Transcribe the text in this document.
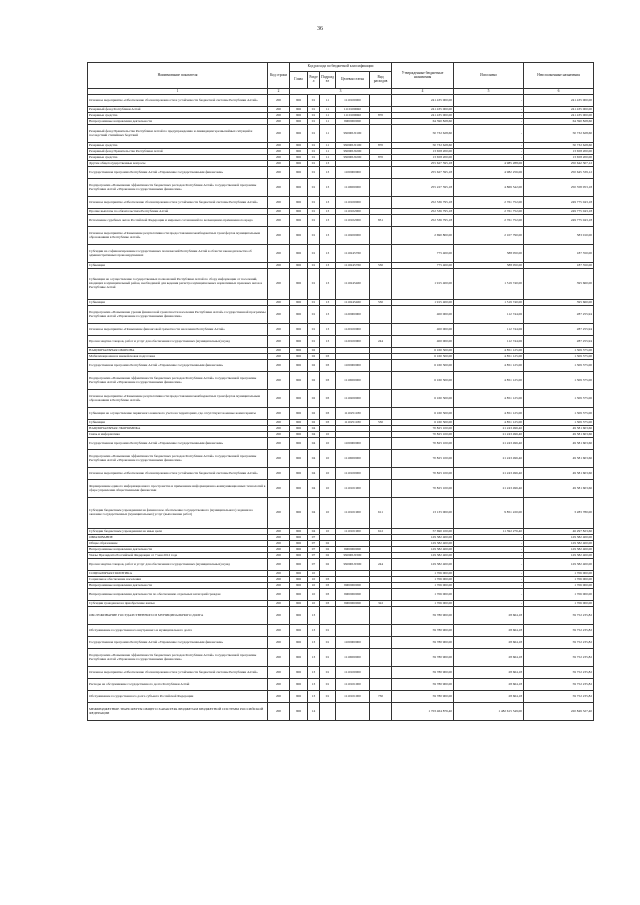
36
Наименование показателя	Код строки	Код расхода по бюджетной классификации					Утвержденные бюджетные назначения	Исполнено	Неисполненные назначения
		Глава	Раздел	Подраздел	Целевая статья	Вид расходов			
1	2	3					4	5	6
Основное мероприятие «Обеспечение сбалансированности и устойчивости бюджетной системы Республики Алтай»	200	906	01	11	1110100000		241 435 000,00	-	241 435 000,00
Резервный фонд Республики Алтай	200	906	01	11	11101000R0		241 435 000,00	-	241 435 000,00
Резервные средства	200	906	01	11	11101000R0	870	241 435 000,00	-	241 435 000,00
Непрограммные направления деятельности	200	906	01	11	9900000000		64 390 828,60	-	64 390 828,60
Резервный фонд Правительства Республики Алтай по предупреждению и ликвидации чрезвычайных ситуаций и последствий стихийных бедствий	200	906	01	11	99000U0100		50 732 628,60	-	50 732 628,60
Резервные средства	200	906	01	11	99000U0100	870	50 732 628,60	-	50 732 628,60
Резервный фонд Правительства Республики Алтай	200	906	01	11	99000U0200		13 658 200,00	-	13 658 200,00
Резервные средства	200	906	01	11	99000U0200	870	13 658 200,00	-	13 658 200,00
Другие общегосударственные вопросы	200	906	01	13			255 627 595,18	4 985 288,06	250 642 307,12
Государственная программа Республики Алтай «Управление государственными финансами»	200	906	01	13	1100000000		255 627 595,18	4 982 256,06	250 645 339,12
Подпрограмма «Повышение эффективности бюджетных расходов Республики Алтай» государственной программы Республики Алтай «Управление государственными финансами»	200	906	01	13	1110000000		255 227 595,18	4 869 542,00	250 358 053,18
Основное мероприятие «Обеспечение сбалансированности и устойчивости бюджетной системы Республики Алтай»	200	906	01	13	1110100000		252 536 795,18	2 761 752,00	249 775 043,18
Прочие выплаты по обязательствам Республики Алтай	200	906	01	13	1110102000		252 536 795,18	2 761 752,00	249 775 043,18
Исполнение судебных актов Российской Федерации и мировых соглашений по возмещению причиненного вреда	200	906	01	13	1110102000	831	252 536 795,18	2 761 752,00	249 775 043,18
Основное мероприятие «Повышение результативности предоставления межбюджетных трансфертов муниципальным образованиям в Республике Алтай»	200	906	01	13	1110200000		2 690 800,00	2 107 790,00	583 010,00
Субсидии на софинансирование государственных полномочий Республики Алтай в области законодательства об административных правонарушениях	200	906	01	13	1110245760		775 400,00	588 050,00	187 350,00
Субвенции	200	906	01	13	1110245760	530	775 400,00	588 050,00	187 350,00
Субвенции на осуществление государственных полномочий Республики Алтай по сбору информации от поселений, входящих в муниципальный район, необходимой для ведения регистра муниципальных нормативных правовых актов в Республике Алтай	200	906	01	13	1110245460		1 915 400,00	1 519 740,00	395 660,00
Субвенции	200	906	01	13	1110245460	530	1 915 400,00	1 519 740,00	395 660,00
Подпрограмма «Повышение уровня финансовой грамотности населения Республики Алтай» государственной программы Республики Алтай «Управление государственными финансами»	200	906	01	13	1120000000		400 000,00	112 744,06	287 255,94
Основное мероприятие «Повышение финансовой грамотности населения Республики Алтай»	200	906	01	13	1120100000		400 000,00	112 744,06	287 255,94
Прочая закупка товаров, работ и услуг для обеспечения государственных (муниципальных) нужд	200	906	01	13	1120100000	244	400 000,00	112 744,06	287 255,94
НАЦИОНАЛЬНАЯ ОБОРОНА	200	906	02				6 160 500,00	4 851 125,00	1 309 375,00
Мобилизационная и вневойсковая подготовка	200	906	02	03			6 160 500,00	4 851 125,00	1 309 375,00
Государственная программа Республики Алтай «Управление государственными финансами»	200	906	02	03	1100000000		6 160 500,00	4 851 125,00	1 309 375,00
Подпрограмма «Повышение эффективности бюджетных расходов Республики Алтай» государственной программы Республики Алтай «Управление государственными финансами»	200	906	02	03	1110000000		6 160 500,00	4 851 125,00	1 309 375,00
Основное мероприятие «Повышение результативности предоставления межбюджетных трансфертов муниципальным образованиям в Республике Алтай»	200	906	02	03	1110200000		6 160 500,00	4 851 125,00	1 309 375,00
Субвенции на осуществление первичного воинского учета на территориях, где отсутствуют военные комиссариаты	200	906	02	03	1110251180		6 160 500,00	4 851 125,00	1 309 375,00
Субвенции	200	906	02	03	1110251180	530	6 160 500,00	4 851 125,00	1 309 375,00
НАЦИОНАЛЬНАЯ ЭКОНОМИКА	200	906	04				70 825 100,00	21 243 496,40	49 581 603,60
Связь и информатика	200	906	04	10			70 825 100,00	21 243 496,40	49 581 603,60
Государственная программа Республики Алтай «Управление государственными финансами»	200	906	04	10	1100000000		70 825 100,00	21 243 496,40	49 581 603,60
Подпрограмма «Повышение эффективности бюджетных расходов Республики Алтай» государственной программы Республики Алтай «Управление государственными финансами»	200	906	04	10	1110000000		70 825 100,00	21 243 496,40	49 581 603,60
Основное мероприятие «Обеспечение сбалансированности и устойчивости бюджетной системы Республики Алтай»	200	906	04	10	1110100000		70 825 100,00	21 243 496,40	49 581 603,60
Формирование единого информационного пространства и применение информационно-коммуникационных технологий в сфере управления общественными финансами	200	906	04	10	1110101900		70 825 100,00	21 243 496,40	49 581 603,60
Субсидии бюджетным учреждениям на финансовое обеспечение государственного (муниципального) задания на оказание государственных (муниципальных) услуг (выполнение работ)	200	906	04	10	1110101900	611	13 135 000,00	9 851 220,00	3 283 780,00
Субсидии бюджетным учреждениям на иные цели	200	906	04	10	1110101900	612	57 690 100,00	11 392 276,40	46 297 823,60
ОБРАЗОВАНИЕ	200	906	07				129 382 400,00	-	129 382 400,00
Общее образование	200	906	07	02			129 382 400,00	-	129 382 400,00
Непрограммные направления деятельности	200	906	07	02	9900000000		129 382 400,00	-	129 382 400,00
Указы Президента Российской Федерации от 7 мая 2012 года	200	906	07	02	99000U0300		129 382 400,00	-	129 382 400,00
Прочая закупка товаров, работ и услуг для обеспечения государственных (муниципальных) нужд	200	906	07	02	99000U0300	244	129 382 400,00	-	129 382 400,00
СОЦИАЛЬНАЯ ПОЛИТИКА	200	906	10				1 706 000,00	-	1 706 000,00
Социальное обеспечение населения	200	906	10	03			1 706 000,00	-	1 706 000,00
Непрограммные направления деятельности	200	906	10	03	9900000000		1 706 000,00	-	1 706 000,00
Непрограммные направления деятельности по обеспечению отдельных категорий граждан	200	906	10	03	9900000000		1 706 000,00	-	1 706 000,00
Субсидии гражданам на приобретение жилья	200	906	10	03	9900000000	322	1 706 000,00	-	1 706 000,00
ОБСЛУЖИВАНИЕ ГОСУДАРСТВЕННОГО И МУНИЦИПАЛЬНОГО ДОЛГА	200	906	13				59 780 900,00	28 664,18	59 752 235,82
Обслуживание государственного внутреннего и муниципального долга	200	906	13	01			59 780 900,00	28 664,18	59 752 235,82
Государственная программа Республики Алтай «Управление государственными финансами»	200	906	13	01	1100000000		59 780 900,00	28 664,18	59 752 235,82
Подпрограмма «Повышение эффективности бюджетных расходов Республики Алтай» государственной программы Республики Алтай «Управление государственными финансами»	200	906	13	01	1110000000		59 780 900,00	28 664,18	59 752 235,82
Основное мероприятие «Обеспечение сбалансированности и устойчивости бюджетной системы Республики Алтай»	200	906	13	01	1110100000		59 780 900,00	28 664,18	59 752 235,82
Расходы на обслуживание государственного долга Республики Алтай	200	906	13	01	1110101000		59 780 900,00	28 664,18	59 752 235,82
Обслуживание государственного долга субъекта Российской Федерации	200	906	13	01	1110101000	730	59 780 900,00	28 664,18	59 752 235,82
МЕЖБЮДЖЕТНЫЕ ТРАНСФЕРТЫ ОБЩЕГО ХАРАКТЕРА БЮДЖЕТАМ БЮДЖЕТНОЙ СИСТЕМЫ РОССИЙСКОЙ ФЕДЕРАЦИИ	200	906	14				1 703 464 876,40	1 482 615 549,00	220 849 327,40
